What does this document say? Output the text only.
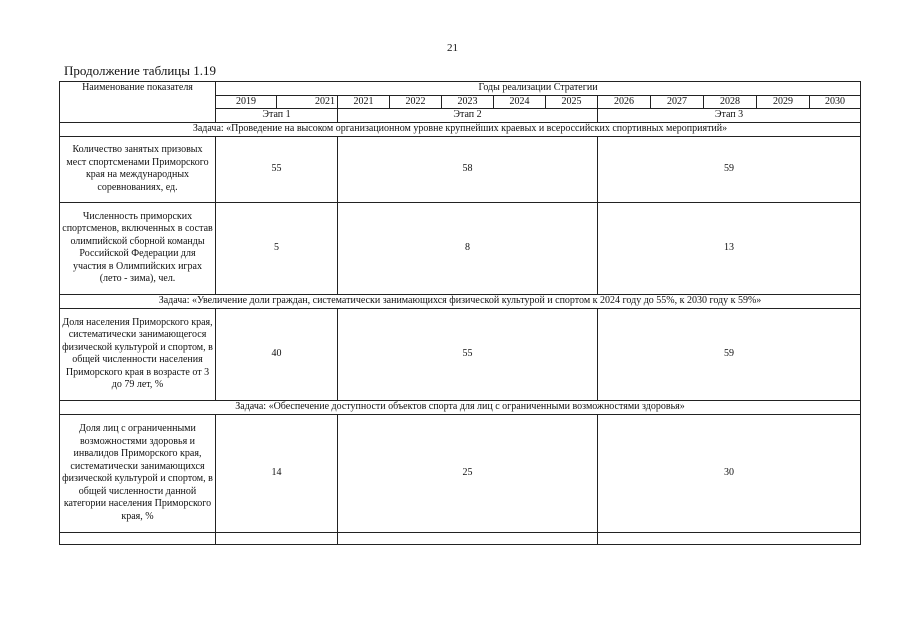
21
Продолжение таблицы 1.19
Наименование показателя	Годы реализации Стратегии											
	2019	2021	2021	2022	2023	2024	2025	2026	2027	2028	2029	2030
	Этап 1		Этап 2					Этап 3				
Задача: «Проведение на высоком организационном уровне крупнейших краевых и всероссийских спортивных мероприятий»												
Количество занятых призовых мест спортсменами Приморского края на международных соревнованиях, ед.	55		58					59				
Численность приморских спортсменов, включенных в состав олимпийской сборной команды Российской Федерации для участия в Олимпийских играх (лето - зима), чел.	5		8					13				
Задача: «Увеличение доли граждан, систематически занимающихся физической культурой и спортом к 2024 году до 55%, к 2030 году к 59%»												
Доля населения Приморского края, систематически занимающегося физической культурой и спортом, в общей численности населения Приморского края в возрасте от 3 до 79 лет, %	40		55					59				
Задача: «Обеспечение доступности объектов спорта для лиц с ограниченными возможностями здоровья»												
Доля лиц с ограниченными возможностями здоровья и инвалидов Приморского края, систематически занимающихся физической культурой и спортом, в общей численности данной категории населения Приморского края, %	14		25					30				
